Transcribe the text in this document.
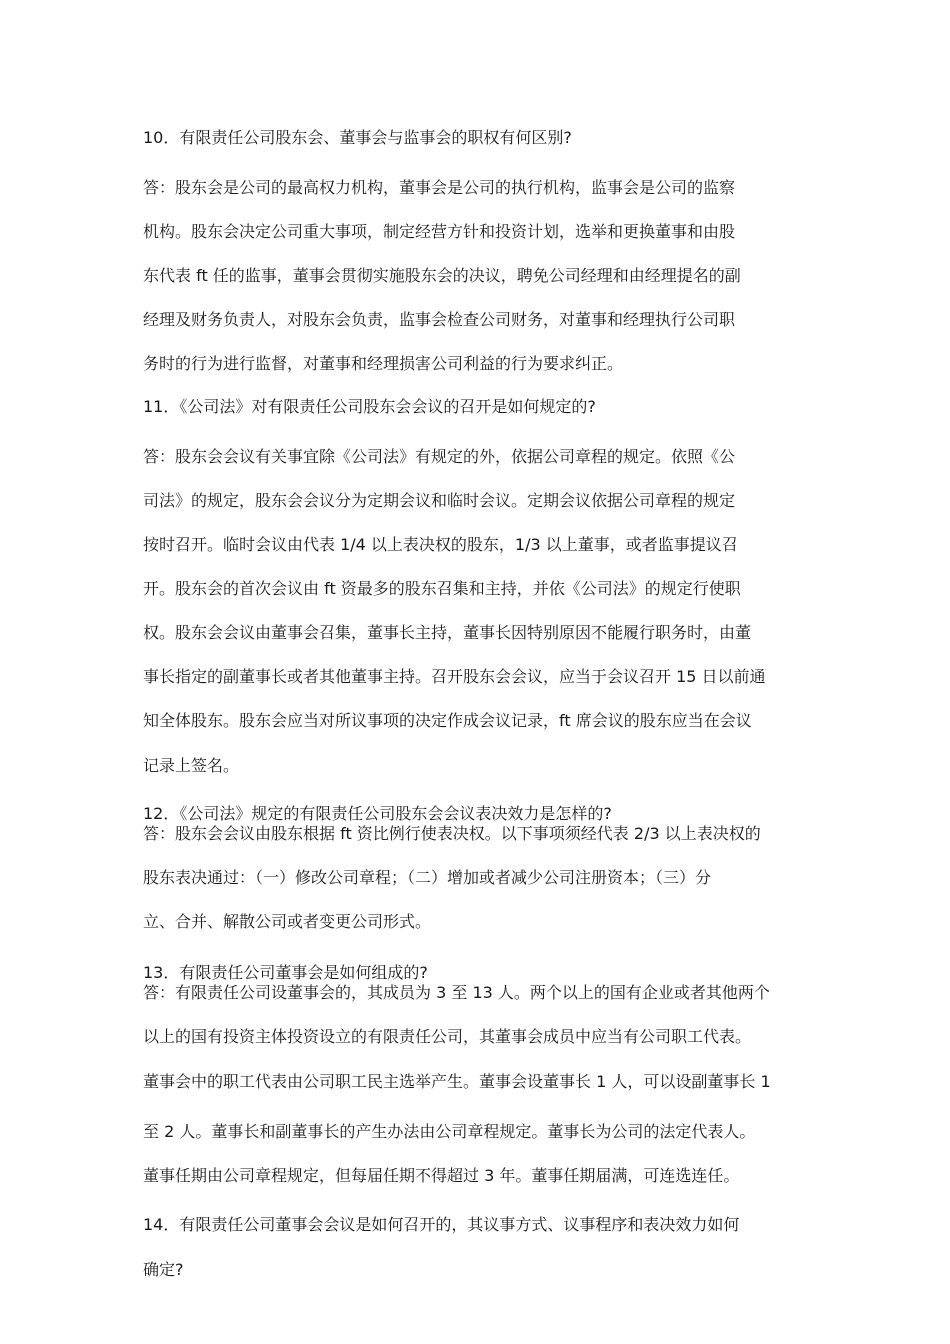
10．有限责任公司股东会、董事会与监事会的职权有何区别?
答：股东会是公司的最高权力机构，董事会是公司的执行机构，监事会是公司的监察
机构。股东会决定公司重大事项，制定经营方针和投资计划，选举和更换董事和由股
东代表 ft 任的监事，董事会贯彻实施股东会的决议，聘免公司经理和由经理提名的副
经理及财务负责人，对股东会负责，监事会检查公司财务，对董事和经理执行公司职
务时的行为进行监督，对董事和经理损害公司利益的行为要求纠正。
11．《公司法》对有限责任公司股东会会议的召开是如何规定的?
答：股东会会议有关事宜除《公司法》有规定的外，依据公司章程的规定。依照《公
司法》的规定，股东会会议分为定期会议和临时会议。定期会议依据公司章程的规定
按时召开。临时会议由代表 1/4 以上表决权的股东，1/3 以上董事，或者监事提议召
开。股东会的首次会议由 ft 资最多的股东召集和主持，并依《公司法》的规定行使职
权。股东会会议由董事会召集，董事长主持，董事长因特别原因不能履行职务时，由董
事长指定的副董事长或者其他董事主持。召开股东会会议，应当于会议召开 15 日以前通
知全体股东。股东会应当对所议事项的决定作成会议记录，ft 席会议的股东应当在会议
记录上签名。
12．《公司法》规定的有限责任公司股东会会议表决效力是怎样的?
答：股东会会议由股东根据 ft 资比例行使表决权。以下事项须经代表 2/3 以上表决权的
股东表决通过：（一）修改公司章程；（二）增加或者减少公司注册资本；（三）分
立、合并、解散公司或者变更公司形式。
13．有限责任公司董事会是如何组成的?
答：有限责任公司设董事会的，其成员为 3 至 13 人。两个以上的国有企业或者其他两个
以上的国有投资主体投资设立的有限责任公司，其董事会成员中应当有公司职工代表。
董事会中的职工代表由公司职工民主选举产生。董事会设董事长 1 人，可以设副董事长 1
至 2 人。董事长和副董事长的产生办法由公司章程规定。董事长为公司的法定代表人。
董事任期由公司章程规定，但每届任期不得超过 3 年。董事任期届满，可连选连任。
14．有限责任公司董事会会议是如何召开的，其议事方式、议事程序和表决效力如何
确定?
